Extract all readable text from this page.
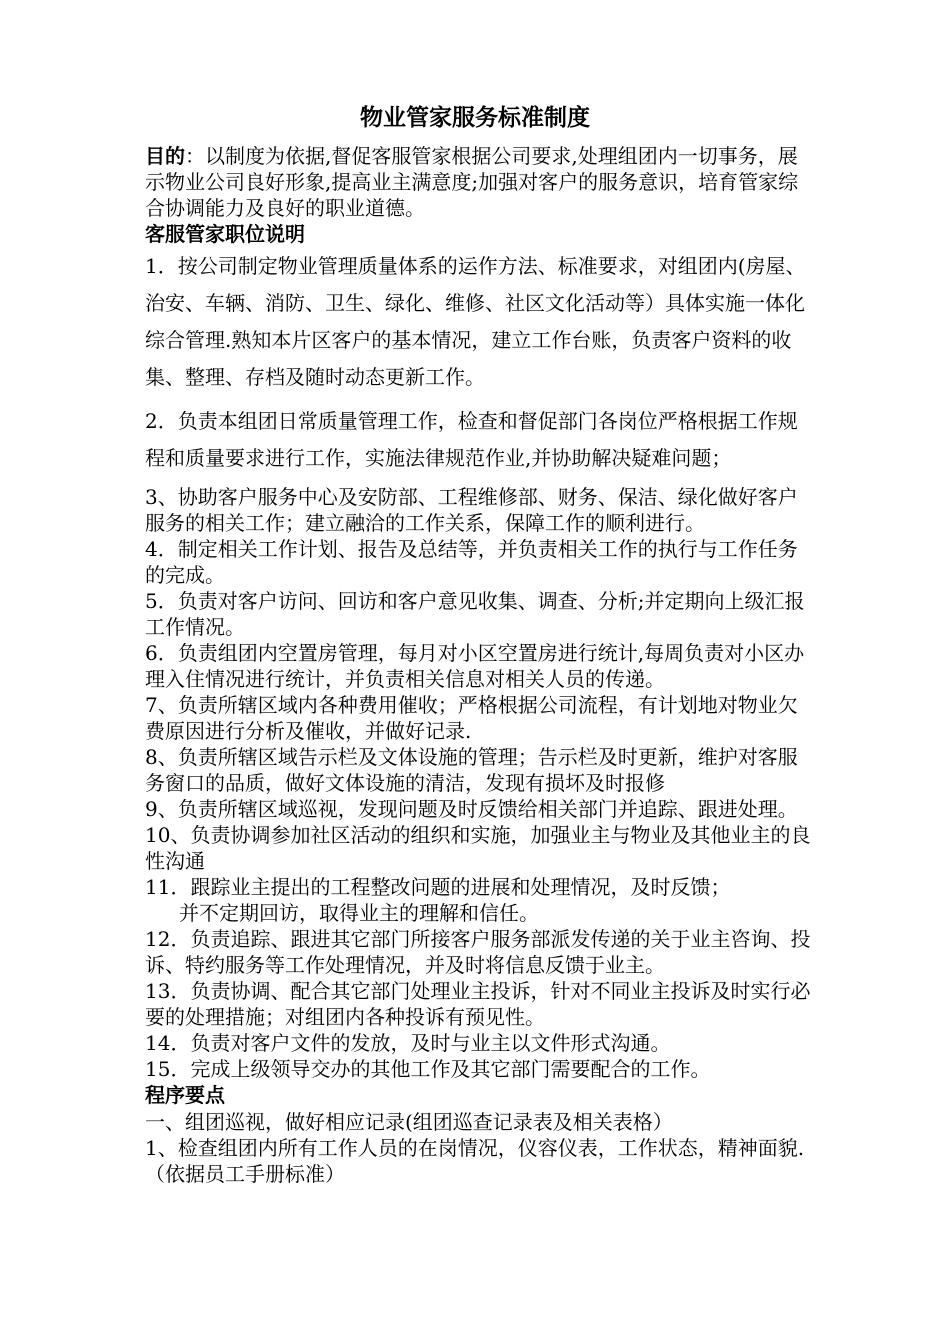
物业管家服务标准制度

目的：以制度为依据,督促客服管家根据公司要求,处理组团内一切事务，展示物业公司良好形象,提高业主满意度;加强对客户的服务意识，培育管家综合协调能力及良好的职业道德。

客服管家职位说明

1．按公司制定物业管理质量体系的运作方法、标准要求，对组团内(房屋、治安、车辆、消防、卫生、绿化、维修、社区文化活动等）具体实施一体化综合管理.熟知本片区客户的基本情况，建立工作台账，负责客户资料的收集、整理、存档及随时动态更新工作。

2．负责本组团日常质量管理工作，检查和督促部门各岗位严格根据工作规程和质量要求进行工作，实施法律规范作业,并协助解决疑难问题；

3、协助客户服务中心及安防部、工程维修部、财务、保洁、绿化做好客户服务的相关工作；建立融洽的工作关系，保障工作的顺利进行。

4．制定相关工作计划、报告及总结等，并负责相关工作的执行与工作任务的完成。

5．负责对客户访问、回访和客户意见收集、调查、分析;并定期向上级汇报工作情况。

6．负责组团内空置房管理，每月对小区空置房进行统计,每周负责对小区办理入住情况进行统计，并负责相关信息对相关人员的传递。

7、负责所辖区域内各种费用催收；严格根据公司流程，有计划地对物业欠费原因进行分析及催收，并做好记录.

8、负责所辖区域告示栏及文体设施的管理；告示栏及时更新，维护对客服务窗口的品质，做好文体设施的清洁，发现有损坏及时报修

9、负责所辖区域巡视，发现问题及时反馈给相关部门并追踪、跟进处理。

10、负责协调参加社区活动的组织和实施，加强业主与物业及其他业主的良性沟通

11．跟踪业主提出的工程整改问题的进展和处理情况，及时反馈；

并不定期回访，取得业主的理解和信任。

12．负责追踪、跟进其它部门所接客户服务部派发传递的关于业主咨询、投诉、特约服务等工作处理情况，并及时将信息反馈于业主。

13．负责协调、配合其它部门处理业主投诉，针对不同业主投诉及时实行必要的处理措施；对组团内各种投诉有预见性。

14．负责对客户文件的发放，及时与业主以文件形式沟通。

15．完成上级领导交办的其他工作及其它部门需要配合的工作。

程序要点

一、组团巡视，做好相应记录(组团巡查记录表及相关表格）

1、检查组团内所有工作人员的在岗情况，仪容仪表，工作状态，精神面貌.（依据员工手册标准）
